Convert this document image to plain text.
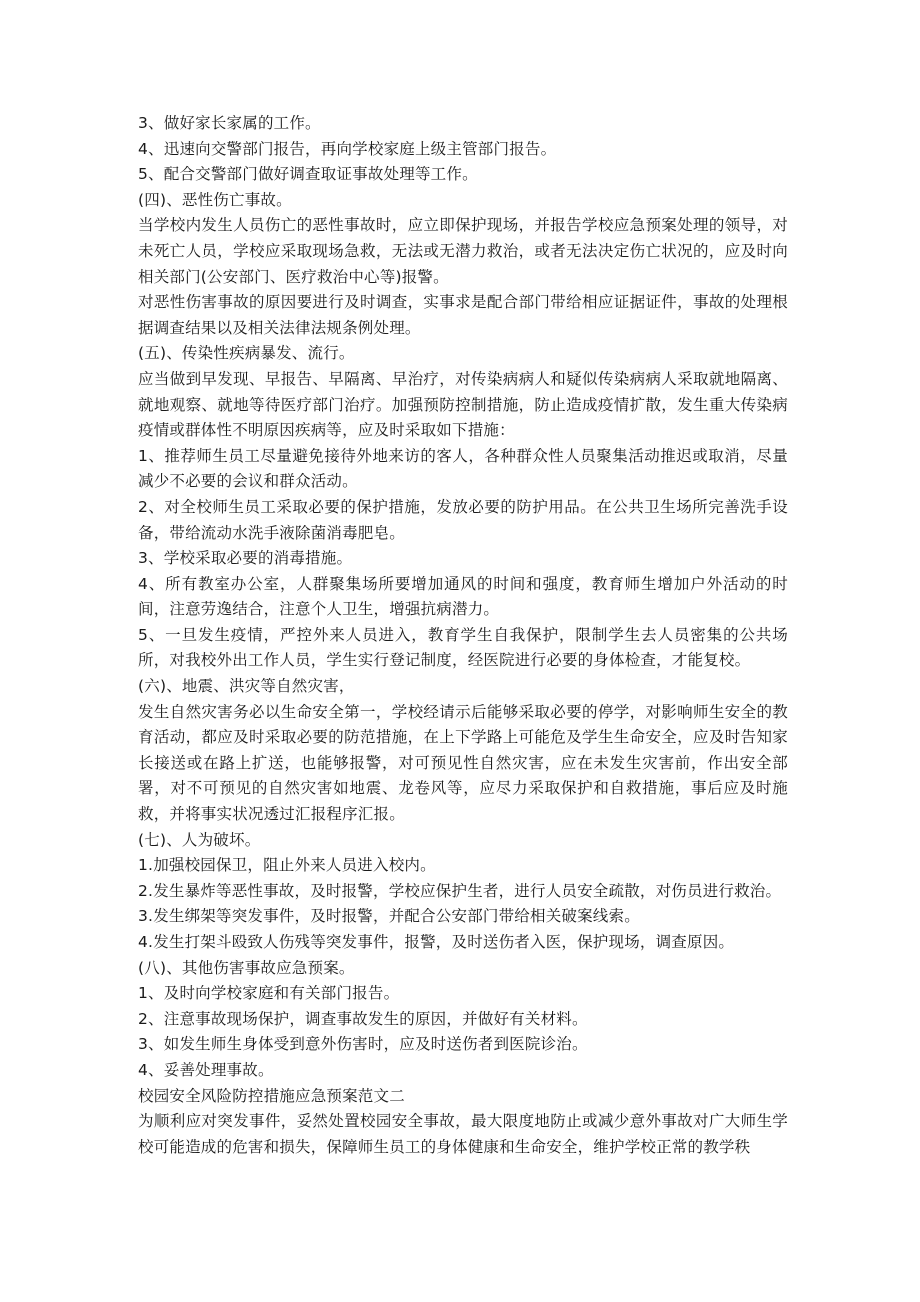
3、做好家长家属的工作。

4、迅速向交警部门报告，再向学校家庭上级主管部门报告。

5、配合交警部门做好调查取证事故处理等工作。

(四)、恶性伤亡事故。

当学校内发生人员伤亡的恶性事故时，应立即保护现场，并报告学校应急预案处理的领导，对未死亡人员，学校应采取现场急救，无法或无潜力救治，或者无法决定伤亡状况的，应及时向相关部门(公安部门、医疗救治中心等)报警。

对恶性伤害事故的原因要进行及时调查，实事求是配合部门带给相应证据证件，事故的处理根据调查结果以及相关法律法规条例处理。

(五)、传染性疾病暴发、流行。

应当做到早发现、早报告、早隔离、早治疗，对传染病病人和疑似传染病病人采取就地隔离、就地观察、就地等待医疗部门治疗。加强预防控制措施，防止造成疫情扩散，发生重大传染病疫情或群体性不明原因疾病等，应及时采取如下措施：

1、推荐师生员工尽量避免接待外地来访的客人，各种群众性人员聚集活动推迟或取消，尽量减少不必要的会议和群众活动。

2、对全校师生员工采取必要的保护措施，发放必要的防护用品。在公共卫生场所完善洗手设备，带给流动水洗手液除菌消毒肥皂。

3、学校采取必要的消毒措施。

4、所有教室办公室，人群聚集场所要增加通风的时间和强度，教育师生增加户外活动的时间，注意劳逸结合，注意个人卫生，增强抗病潜力。

5、一旦发生疫情，严控外来人员进入，教育学生自我保护，限制学生去人员密集的公共场所，对我校外出工作人员，学生实行登记制度，经医院进行必要的身体检查，才能复校。

(六)、地震、洪灾等自然灾害，

发生自然灾害务必以生命安全第一，学校经请示后能够采取必要的停学，对影响师生安全的教育活动，都应及时采取必要的防范措施，在上下学路上可能危及学生生命安全，应及时告知家长接送或在路上扩送，也能够报警，对可预见性自然灾害，应在未发生灾害前，作出安全部署，对不可预见的自然灾害如地震、龙卷风等，应尽力采取保护和自救措施，事后应及时施救，并将事实状况透过汇报程序汇报。

(七)、人为破坏。

1.加强校园保卫，阻止外来人员进入校内。

2.发生暴炸等恶性事故，及时报警，学校应保护生者，进行人员安全疏散，对伤员进行救治。

3.发生绑架等突发事件，及时报警，并配合公安部门带给相关破案线索。

4.发生打架斗殴致人伤残等突发事件，报警，及时送伤者入医，保护现场，调查原因。

(八)、其他伤害事故应急预案。

1、及时向学校家庭和有关部门报告。

2、注意事故现场保护，调查事故发生的原因，并做好有关材料。

3、如发生师生身体受到意外伤害时，应及时送伤者到医院诊治。

4、妥善处理事故。

校园安全风险防控措施应急预案范文二

为顺利应对突发事件，妥然处置校园安全事故，最大限度地防止或减少意外事故对广大师生学校可能造成的危害和损失，保障师生员工的身体健康和生命安全，维护学校正常的教学秩
